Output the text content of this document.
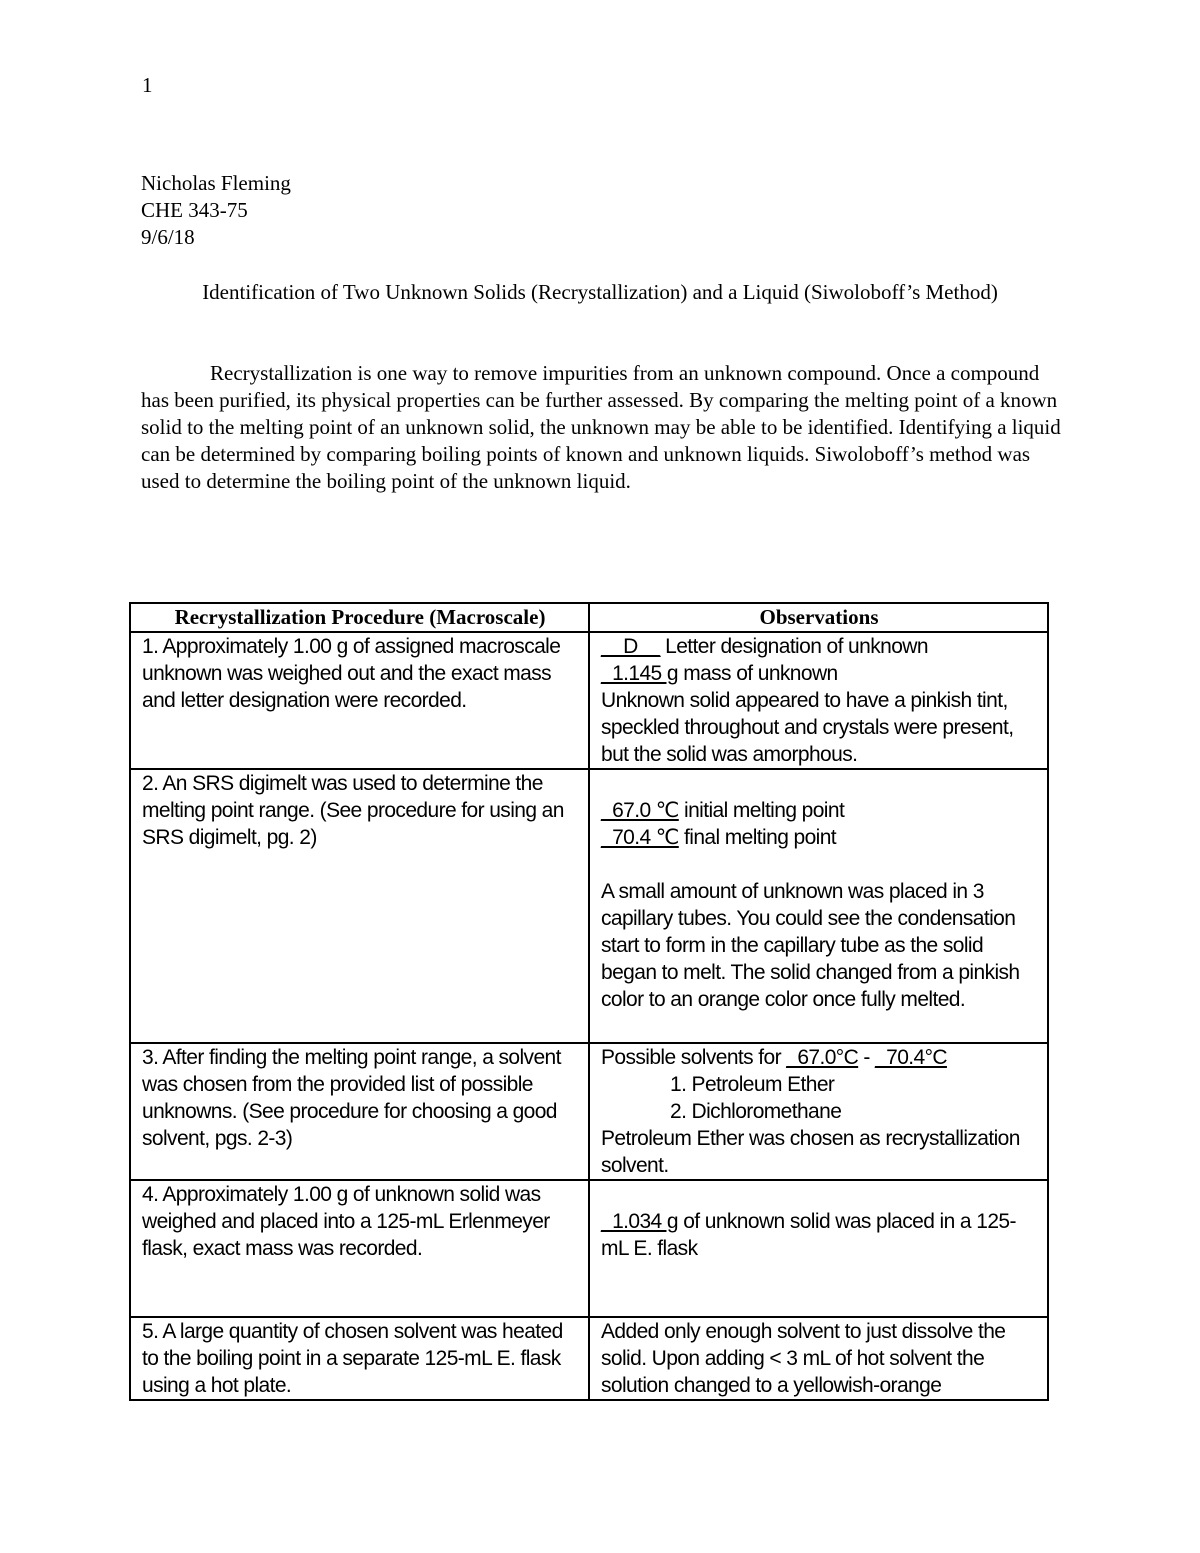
1
Nicholas Fleming
CHE 343-75
9/6/18
Identification of Two Unknown Solids (Recrystallization) and a Liquid (Siwoloboff’s Method)
Recrystallization is one way to remove impurities from an unknown compound. Once a compound has been purified, its physical properties can be further assessed. By comparing the melting point of a known solid to the melting point of an unknown solid, the unknown may be able to be identified. Identifying a liquid can be determined by comparing boiling points of known and unknown liquids. Siwoloboff’s method was used to determine the boiling point of the unknown liquid.
Recrystallization Procedure (Macroscale)	Observations
1. Approximately 1.00 g of assigned macroscale unknown was weighed out and the exact mass and letter designation were recorded.	__D__ Letter designation of unknown
_1.145 g mass of unknown
Unknown solid appeared to have a pinkish tint, speckled throughout and crystals were present, but the solid was amorphous.

2. An SRS digimelt was used to determine the melting point range. (See procedure for using an SRS digimelt, pg. 2)	_67.0 ℃ initial melting point
_70.4 ℃ final melting point
A small amount of unknown was placed in 3 capillary tubes. You could see the condensation start to form in the capillary tube as the solid began to melt. The solid changed from a pinkish color to an orange color once fully melted.

3. After finding the melting point range, a solvent was chosen from the provided list of possible unknowns. (See procedure for choosing a good solvent, pgs. 2-3)	Possible solvents for _67.0°C - _70.4°C
1. Petroleum Ether
2. Dichloromethane
Petroleum Ether was chosen as recrystallization solvent.

4. Approximately 1.00 g of unknown solid was weighed and placed into a 125-mL Erlenmeyer flask, exact mass was recorded.	_1.034 g of unknown solid was placed in a 125-mL E. flask

5. A large quantity of chosen solvent was heated to the boiling point in a separate 125-mL E. flask using a hot plate.	Added only enough solvent to just dissolve the solid. Upon adding < 3 mL of hot solvent the solution changed to a yellowish-orange
